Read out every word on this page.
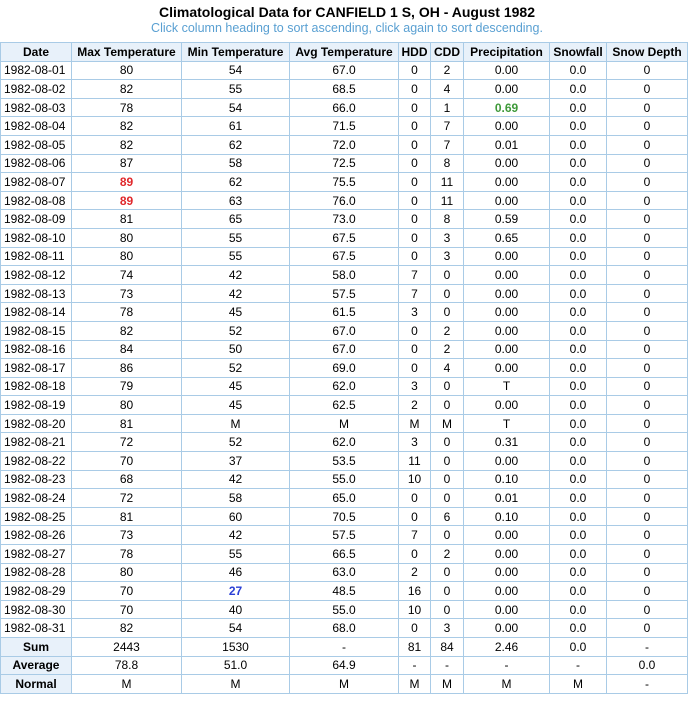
Climatological Data for CANFIELD 1 S, OH - August 1982
Click column heading to sort ascending, click again to sort descending.
Date	Max Temperature	Min Temperature	Avg Temperature	HDD	CDD	Precipitation	Snowfall	Snow Depth
1982-08-01	80	54	67.0	0	2	0.00	0.0	0
1982-08-02	82	55	68.5	0	4	0.00	0.0	0
1982-08-03	78	54	66.0	0	1	0.69	0.0	0
1982-08-04	82	61	71.5	0	7	0.00	0.0	0
1982-08-05	82	62	72.0	0	7	0.01	0.0	0
1982-08-06	87	58	72.5	0	8	0.00	0.0	0
1982-08-07	89	62	75.5	0	11	0.00	0.0	0
1982-08-08	89	63	76.0	0	11	0.00	0.0	0
1982-08-09	81	65	73.0	0	8	0.59	0.0	0
1982-08-10	80	55	67.5	0	3	0.65	0.0	0
1982-08-11	80	55	67.5	0	3	0.00	0.0	0
1982-08-12	74	42	58.0	7	0	0.00	0.0	0
1982-08-13	73	42	57.5	7	0	0.00	0.0	0
1982-08-14	78	45	61.5	3	0	0.00	0.0	0
1982-08-15	82	52	67.0	0	2	0.00	0.0	0
1982-08-16	84	50	67.0	0	2	0.00	0.0	0
1982-08-17	86	52	69.0	0	4	0.00	0.0	0
1982-08-18	79	45	62.0	3	0	T	0.0	0
1982-08-19	80	45	62.5	2	0	0.00	0.0	0
1982-08-20	81	M	M	M	M	T	0.0	0
1982-08-21	72	52	62.0	3	0	0.31	0.0	0
1982-08-22	70	37	53.5	11	0	0.00	0.0	0
1982-08-23	68	42	55.0	10	0	0.10	0.0	0
1982-08-24	72	58	65.0	0	0	0.01	0.0	0
1982-08-25	81	60	70.5	0	6	0.10	0.0	0
1982-08-26	73	42	57.5	7	0	0.00	0.0	0
1982-08-27	78	55	66.5	0	2	0.00	0.0	0
1982-08-28	80	46	63.0	2	0	0.00	0.0	0
1982-08-29	70	27	48.5	16	0	0.00	0.0	0
1982-08-30	70	40	55.0	10	0	0.00	0.0	0
1982-08-31	82	54	68.0	0	3	0.00	0.0	0
Sum	2443	1530	-	81	84	2.46	0.0	-
Average	78.8	51.0	64.9	-	-	-	-	0.0
Normal	M	M	M	M	M	M	M	-
